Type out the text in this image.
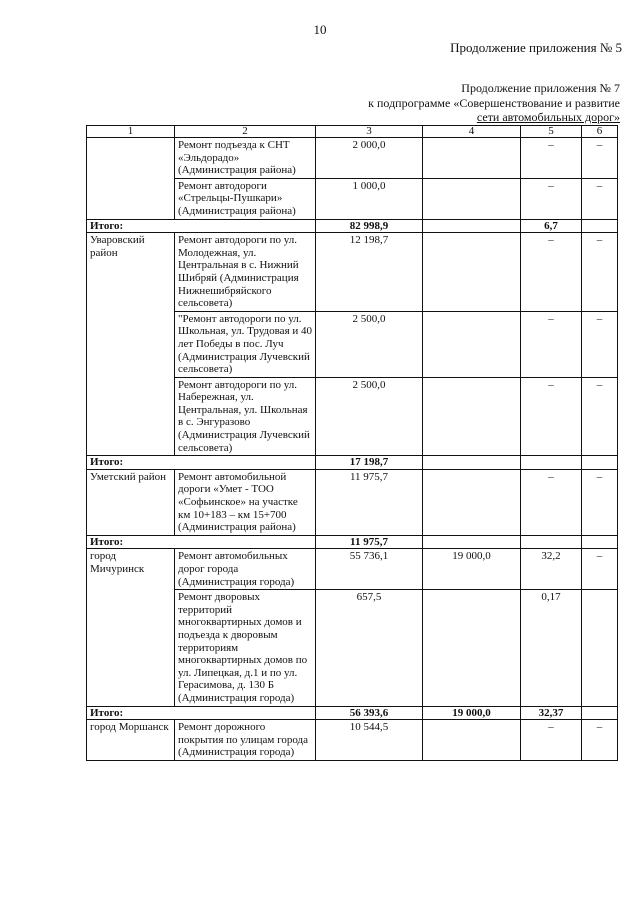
10
Продолжение приложения № 5
Продолжение приложения № 7
к подпрограмме «Совершенствование и развитие
сети автомобильных дорог»
1	2	3	4	5	6
	Ремонт подъезда к СНТ «Эльдорадо» (Администрация района)	2 000,0		–	–
	Ремонт автодороги «Стрельцы-Пушкари» (Администрация района)	1 000,0		–	–
Итого:		82 998,9		6,7	
Уваровский район	Ремонт автодороги по ул. Молодежная, ул. Центральная в с. Нижний Шибряй (Администрация Нижнешибряйского сельсовета)	12 198,7		–	–
	"Ремонт автодороги по ул. Школьная, ул. Трудовая и 40 лет Победы в пос. Луч (Администрация Лучевский сельсовета)	2 500,0		–	–
	Ремонт автодороги по ул. Набережная, ул. Центральная, ул. Школьная в с. Энгуразово (Администрация Лучевский сельсовета)	2 500,0		–	–
Итого:		17 198,7			
Уметский район	Ремонт автомобильной дороги «Умет - ТОО «Софьинское» на участке км 10+183 – км 15+700 (Администрация района)	11 975,7		–	–
Итого:		11 975,7			
город Мичуринск	Ремонт автомобильных дорог города (Администрация города)	55 736,1	19 000,0	32,2	–
	Ремонт дворовых территорий многоквартирных домов и подъезда к дворовым территориям многоквартирных домов по ул. Липецкая, д.1 и по ул. Герасимова, д. 130 Б (Администрация города)	657,5		0,17	
Итого:		56 393,6	19 000,0	32,37	
город Моршанск	Ремонт дорожного покрытия по улицам города (Администрация города)	10 544,5		–	–
